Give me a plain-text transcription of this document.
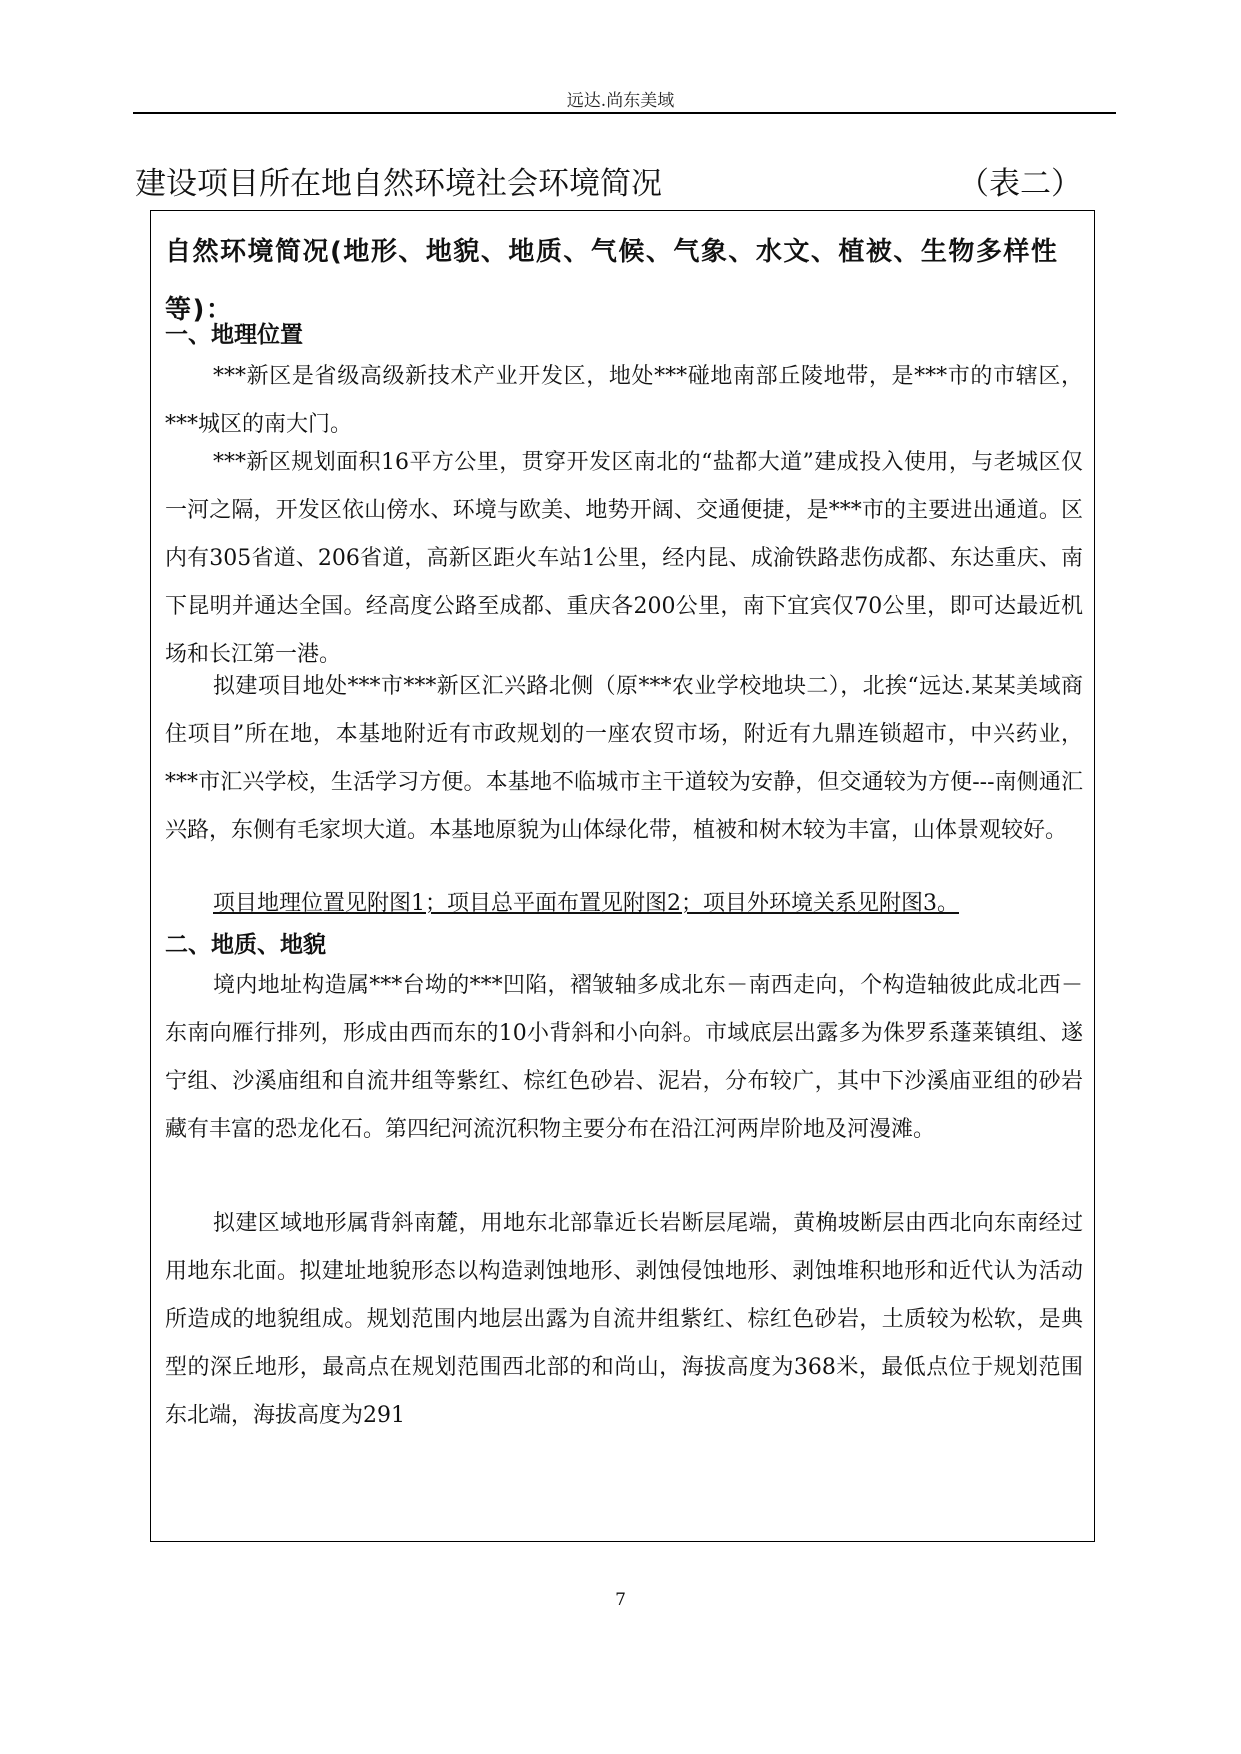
远达.尚东美域
建设项目所在地自然环境社会环境简况	（表二）
自然环境简况(地形、地貌、地质、气候、气象、水文、植被、生物多样性等)：
一、地理位置
***新区是省级高级新技术产业开发区，地处***碰地南部丘陵地带，是***市的市辖区，***城区的南大门。
***新区规划面积16平方公里，贯穿开发区南北的“盐都大道”建成投入使用，与老城区仅一河之隔，开发区依山傍水、环境与欧美、地势开阔、交通便捷，是***市的主要进出通道。区内有305省道、206省道，高新区距火车站1公里，经内昆、成渝铁路悲伤成都、东达重庆、南下昆明并通达全国。经高度公路至成都、重庆各200公里，南下宜宾仅70公里，即可达最近机场和长江第一港。
拟建项目地处***市***新区汇兴路北侧（原***农业学校地块二），北挨“远达.某某美域商住项目”所在地，本基地附近有市政规划的一座农贸市场，附近有九鼎连锁超市，中兴药业，***市汇兴学校，生活学习方便。本基地不临城市主干道较为安静，但交通较为方便---南侧通汇兴路，东侧有毛家坝大道。本基地原貌为山体绿化带，植被和树木较为丰富，山体景观较好。
项目地理位置见附图1；项目总平面布置见附图2；项目外环境关系见附图3。
二、地质、地貌
境内地址构造属***台坳的***凹陷，褶皱轴多成北东－南西走向，个构造轴彼此成北西－东南向雁行排列，形成由西而东的10小背斜和小向斜。市域底层出露多为侏罗系蓬莱镇组、遂宁组、沙溪庙组和自流井组等紫红、棕红色砂岩、泥岩，分布较广，其中下沙溪庙亚组的砂岩藏有丰富的恐龙化石。第四纪河流沉积物主要分布在沿江河两岸阶地及河漫滩。
拟建区域地形属背斜南麓，用地东北部靠近长岩断层尾端，黄桷坡断层由西北向东南经过用地东北面。拟建址地貌形态以构造剥蚀地形、剥蚀侵蚀地形、剥蚀堆积地形和近代认为活动所造成的地貌组成。规划范围内地层出露为自流井组紫红、棕红色砂岩，土质较为松软，是典型的深丘地形，最高点在规划范围西北部的和尚山，海拔高度为368米，最低点位于规划范围东北端，海拔高度为291
7
